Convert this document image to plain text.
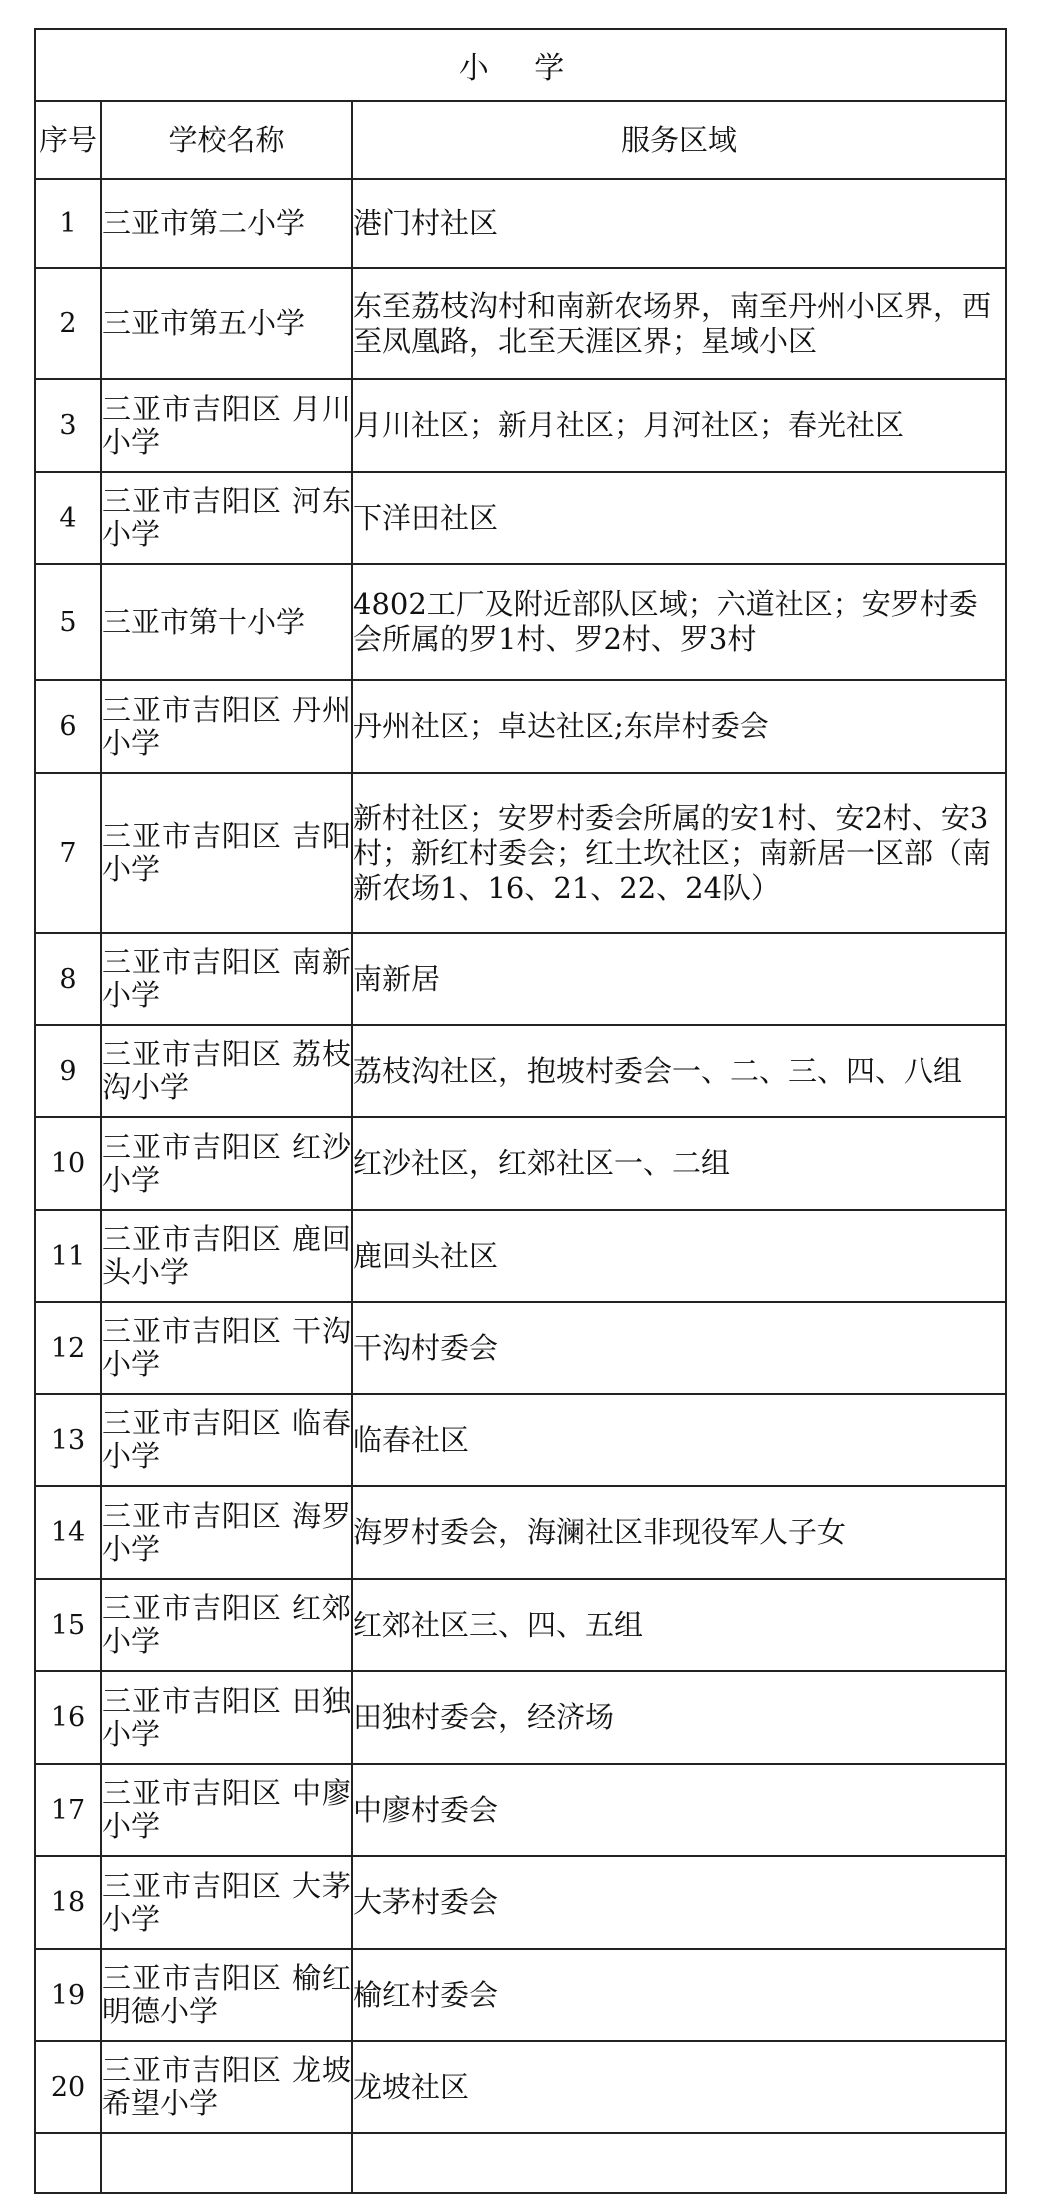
小 学		
序号	学校名称	服务区域
1	三亚市第二小学	港门村社区
2	三亚市第五小学	东至荔枝沟村和南新农场界，南至丹州小区界，西至凤凰路，北至天涯区界；星域小区
3	三亚市吉阳区 月川小学	月川社区；新月社区；月河社区；春光社区
4	三亚市吉阳区 河东小学	下洋田社区
5	三亚市第十小学	4802工厂及附近部队区域；六道社区；安罗村委会所属的罗1村、罗2村、罗3村
6	三亚市吉阳区 丹州小学	丹州社区；卓达社区;东岸村委会
7	三亚市吉阳区 吉阳小学	新村社区；安罗村委会所属的安1村、安2村、安3村；新红村委会；红土坎社区；南新居一区部（南新农场1、16、21、22、24队）
8	三亚市吉阳区 南新小学	南新居
9	三亚市吉阳区 荔枝沟小学	荔枝沟社区，抱坡村委会一、二、三、四、八组
10	三亚市吉阳区 红沙小学	红沙社区，红郊社区一、二组
11	三亚市吉阳区 鹿回头小学	鹿回头社区
12	三亚市吉阳区 干沟小学	干沟村委会
13	三亚市吉阳区 临春小学	临春社区
14	三亚市吉阳区 海罗小学	海罗村委会，海澜社区非现役军人子女
15	三亚市吉阳区 红郊小学	红郊社区三、四、五组
16	三亚市吉阳区 田独小学	田独村委会，经济场
17	三亚市吉阳区 中廖小学	中廖村委会
18	三亚市吉阳区 大茅小学	大茅村委会
19	三亚市吉阳区 榆红明德小学	榆红村委会
20	三亚市吉阳区 龙坡希望小学	龙坡社区
